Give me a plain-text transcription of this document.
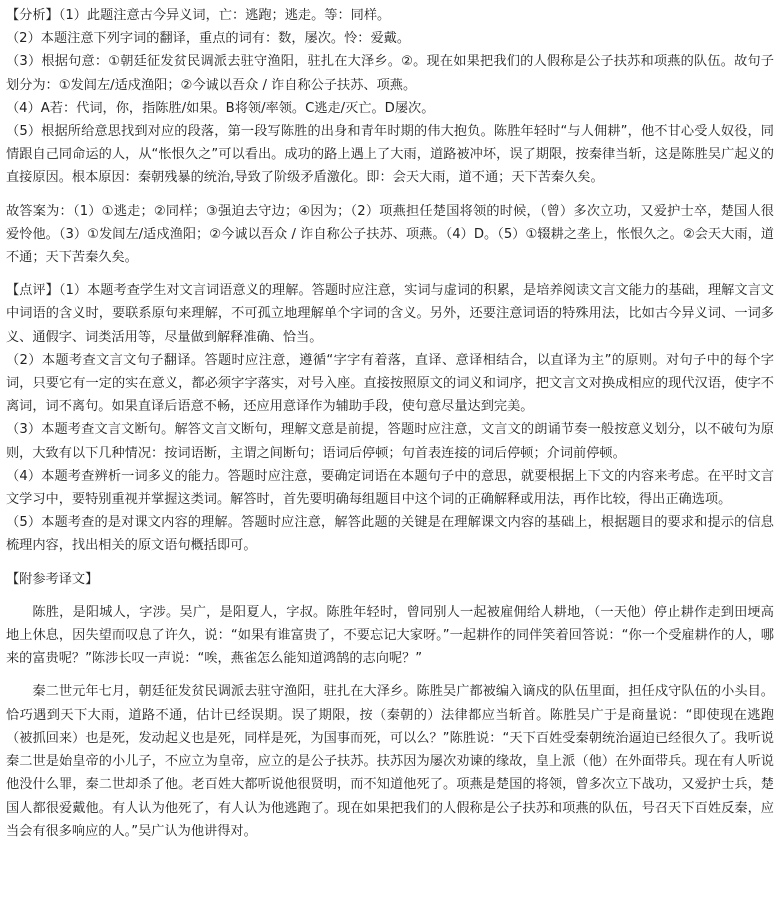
【分析】（1）此题注意古今异义词，亡：逃跑；逃走。等：同样。

（2）本题注意下列字词的翻译，重点的词有：数，屡次。怜：爱戴。

（3）根据句意：①朝廷征发贫民调派去驻守渔阳，驻扎在大泽乡。②。现在如果把我们的人假称是公子扶苏和项燕的队伍。故句子划分为：①发闾左/适戍渔阳；②今诚以吾众 / 诈自称公子扶苏、项燕。

（4）A若：代词，你，指陈胜/如果。B将领/率领。C逃走/灭亡。D屡次。

（5）根据所给意思找到对应的段落，第一段写陈胜的出身和青年时期的伟大抱负。陈胜年轻时“与人佣耕”，他不甘心受人奴役，同情跟自己同命运的人，从“怅恨久之”可以看出。成功的路上遇上了大雨，道路被冲坏，误了期限，按秦律当斩，这是陈胜吴广起义的直接原因。根本原因：秦朝残暴的统治,导致了阶级矛盾激化。即：会天大雨，道不通；天下苦秦久矣。

故答案为：（1）①逃走；②同样；③强迫去守边；④因为；（2）项燕担任楚国将领的时候，（曾）多次立功，又爱护士卒，楚国人很爱怜他。（3）①发闾左/适戍渔阳；②今诚以吾众 / 诈自称公子扶苏、项燕。（4）D。（5）①辍耕之垄上，怅恨久之。②会天大雨，道不通；天下苦秦久矣。

【点评】（1）本题考查学生对文言词语意义的理解。答题时应注意，实词与虚词的积累，是培养阅读文言文能力的基础，理解文言文中词语的含义时，要联系原句来理解，不可孤立地理解单个字词的含义。另外，还要注意词语的特殊用法，比如古今异义词、一词多义、通假字、词类活用等，尽量做到解释准确、恰当。

（2）本题考查文言文句子翻译。答题时应注意，遵循“字字有着落，直译、意译相结合，以直译为主”的原则。对句子中的每个字词，只要它有一定的实在意义，都必须字字落实，对号入座。直接按照原文的词义和词序，把文言文对换成相应的现代汉语，使字不离词，词不离句。如果直译后语意不畅，还应用意译作为辅助手段，使句意尽量达到完美。

（3）本题考查文言文断句。解答文言文断句，理解文意是前提，答题时应注意，文言文的朗诵节奏一般按意义划分，以不破句为原则，大致有以下几种情况：按词语断，主谓之间断句；语词后停顿；句首表连接的词后停顿；介词前停顿。

（4）本题考查辨析一词多义的能力。答题时应注意，要确定词语在本题句子中的意思，就要根据上下文的内容来考虑。在平时文言文学习中，要特别重视并掌握这类词。解答时，首先要明确每组题目中这个词的正确解释或用法，再作比较，得出正确选项。

（5）本题考查的是对课文内容的理解。答题时应注意，解答此题的关键是在理解课文内容的基础上，根据题目的要求和提示的信息梳理内容，找出相关的原文语句概括即可。

【附参考译文】

陈胜，是阳城人，字涉。吴广，是阳夏人，字叔。陈胜年轻时，曾同别人一起被雇佣给人耕地，（一天他）停止耕作走到田埂高地上休息，因失望而叹息了许久，说：“如果有谁富贵了，不要忘记大家呀。”一起耕作的同伴笑着回答说：“你一个受雇耕作的人，哪来的富贵呢？”陈涉长叹一声说：“唉，燕雀怎么能知道鸿鹄的志向呢？”

秦二世元年七月，朝廷征发贫民调派去驻守渔阳，驻扎在大泽乡。陈胜吴广都被编入谪戍的队伍里面，担任戍守队伍的小头目。恰巧遇到天下大雨，道路不通，估计已经误期。误了期限，按（秦朝的）法律都应当斩首。陈胜吴广于是商量说：“即使现在逃跑（被抓回来）也是死，发动起义也是死，同样是死，为国事而死，可以么？”陈胜说：“天下百姓受秦朝统治逼迫已经很久了。我听说秦二世是始皇帝的小儿子，不应立为皇帝，应立的是公子扶苏。扶苏因为屡次劝谏的缘故，皇上派（他）在外面带兵。现在有人听说他没什么罪，秦二世却杀了他。老百姓大都听说他很贤明，而不知道他死了。项燕是楚国的将领，曾多次立下战功，又爱护士兵，楚国人都很爱戴他。有人认为他死了，有人认为他逃跑了。现在如果把我们的人假称是公子扶苏和项燕的队伍，号召天下百姓反秦，应当会有很多响应的人。”吴广认为他讲得对。
